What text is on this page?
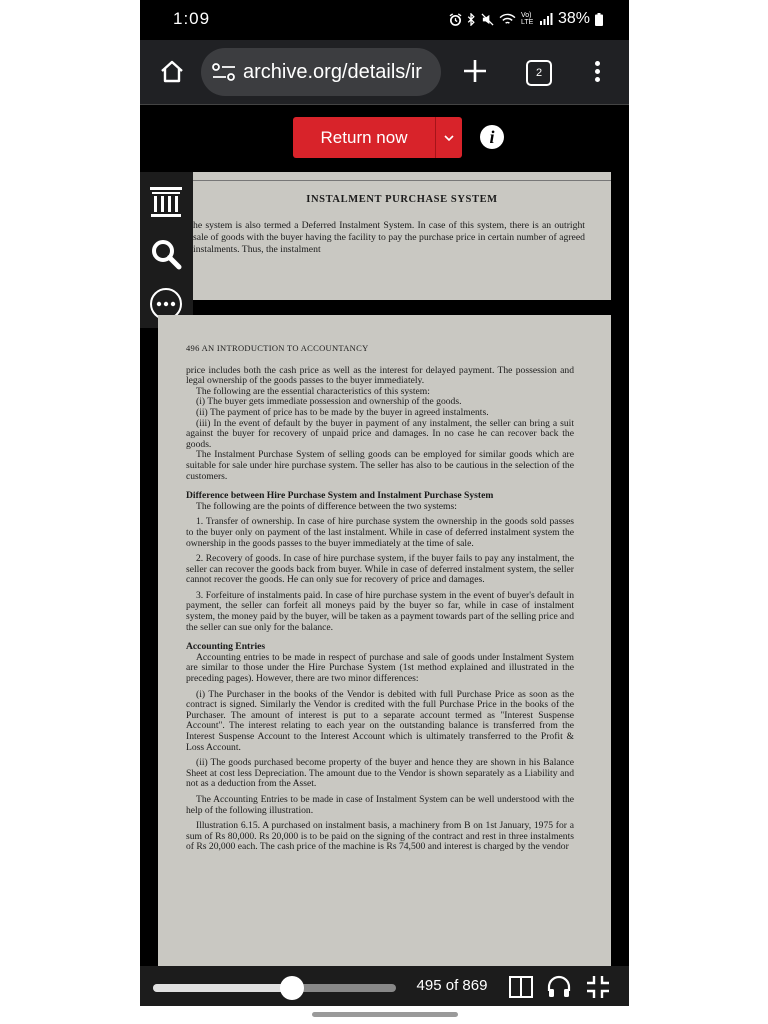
1:09	Vo) LTE 38%
archive.org/details/ir	2
Return now	i
INSTALMENT PURCHASE SYSTEM
he system is also termed a Deferred Instalment System. In case of this system, there is an outright sale of goods with the buyer having the facility to pay the purchase price in certain number of agreed instalments. Thus, the instalment
496 AN INTRODUCTION TO ACCOUNTANCY

price includes both the cash price as well as the interest for delayed payment. The possession and legal ownership of the goods passes to the buyer immediately.

The following are the essential characteristics of this system:

(i) The buyer gets immediate possession and ownership of the goods.

(ii) The payment of price has to be made by the buyer in agreed instalments.

(iii) In the event of default by the buyer in payment of any instalment, the seller can bring a suit against the buyer for recovery of unpaid price and damages. In no case he can recover back the goods.

The Instalment Purchase System of selling goods can be employed for similar goods which are suitable for sale under hire purchase system. The seller has also to be cautious in the selection of the customers.

Difference between Hire Purchase System and Instalment Purchase System

The following are the points of difference between the two systems:

1. Transfer of ownership. In case of hire purchase system the ownership in the goods sold passes to the buyer only on payment of the last instalment. While in case of deferred instalment system the ownership in the goods passes to the buyer immediately at the time of sale.

2. Recovery of goods. In case of hire purchase system, if the buyer fails to pay any instalment, the seller can recover the goods back from buyer. While in case of deferred instalment system, the seller cannot recover the goods. He can only sue for recovery of price and damages.

3. Forfeiture of instalments paid. In case of hire purchase system in the event of buyer's default in payment, the seller can forfeit all moneys paid by the buyer so far, while in case of instalment system, the money paid by the buyer, will be taken as a payment towards part of the selling price and the seller can sue only for the balance.

Accounting Entries

Accounting entries to be made in respect of purchase and sale of goods under Instalment System are similar to those under the Hire Purchase System (1st method explained and illustrated in the preceding pages). However, there are two minor differences:

(i) The Purchaser in the books of the Vendor is debited with full Purchase Price as soon as the contract is signed. Similarly the Vendor is credited with the full Purchase Price in the books of the Purchaser. The amount of interest is put to a separate account termed as "Interest Suspense Account". The interest relating to each year on the outstanding balance is transferred from the Interest Suspense Account to the Interest Account which is ultimately transferred to the Profit & Loss Account.

(ii) The goods purchased become property of the buyer and hence they are shown in his Balance Sheet at cost less Depreciation. The amount due to the Vendor is shown separately as a Liability and not as a deduction from the Asset.

The Accounting Entries to be made in case of Instalment System can be well understood with the help of the following illustration.

Illustration 6.15. A purchased on instalment basis, a machinery from B on 1st January, 1975 for a sum of Rs 80,000. Rs 20,000 is to be paid on the signing of the contract and rest in three instalments of Rs 20,000 each. The cash price of the machine is Rs 74,500 and interest is charged by the vendor

495 of 869
